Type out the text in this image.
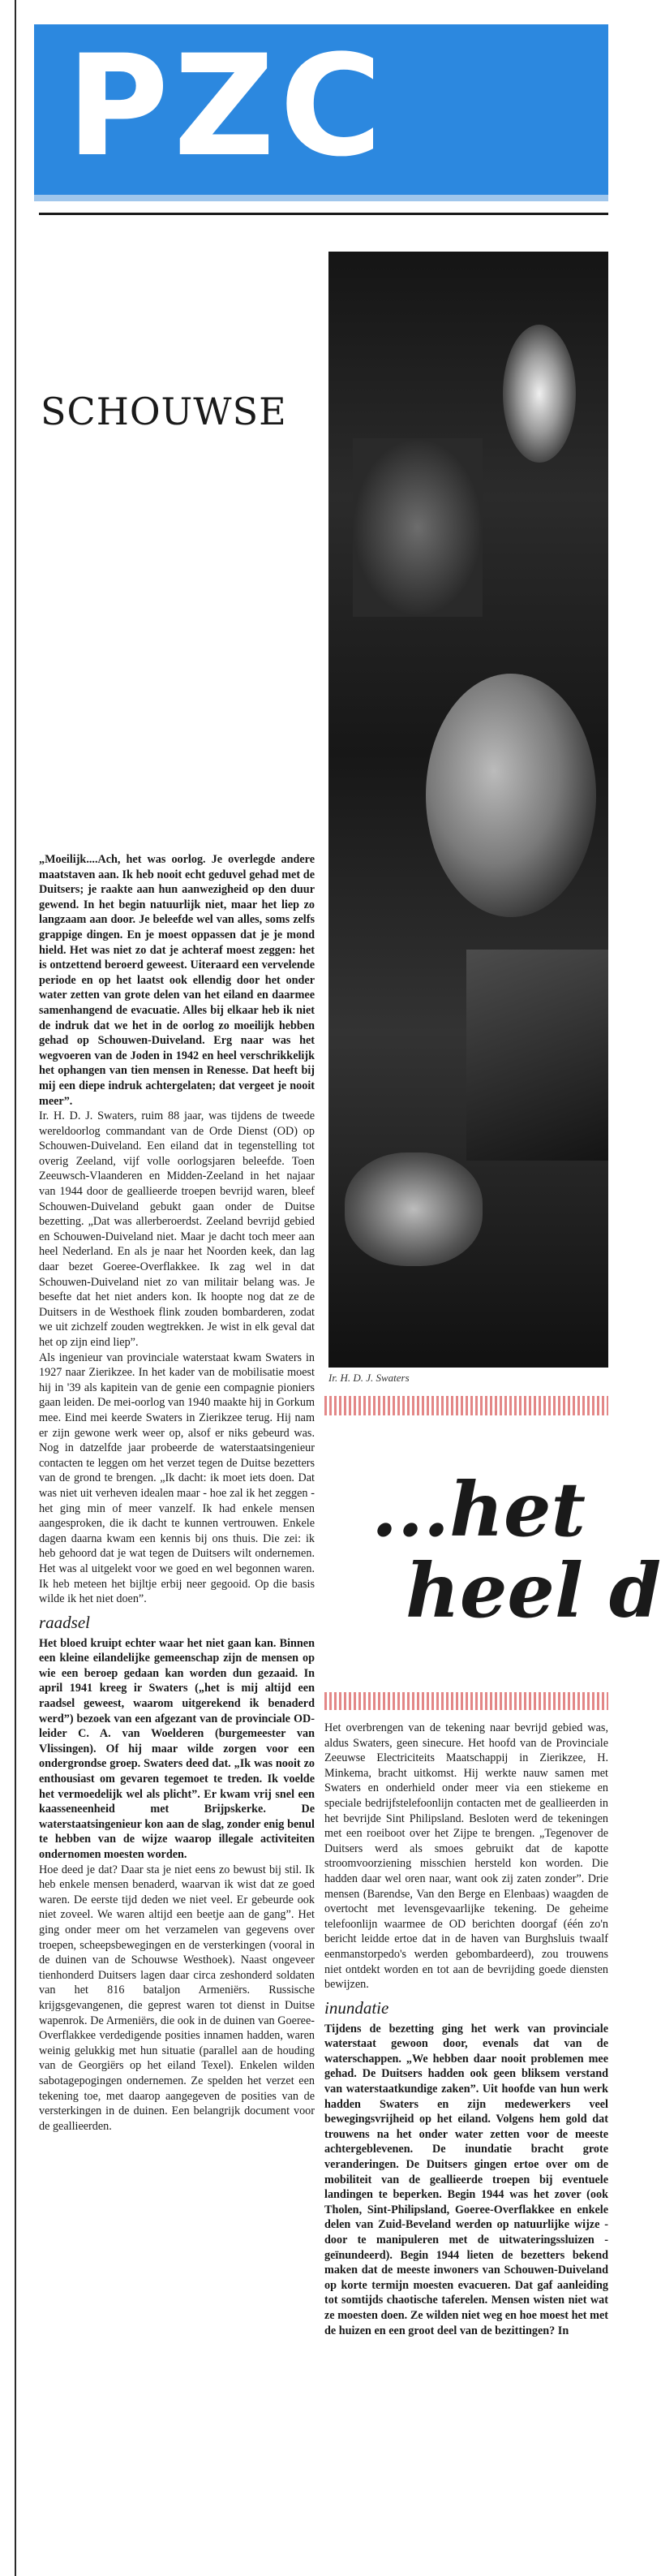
PZC
SCHOUWSE
Ir. H. D. J. Swaters
...het
heel d

„Moeilijk....Ach, het was oorlog. Je overlegde andere maatstaven aan. Ik heb nooit echt geduvel gehad met de Duitsers; je raakte aan hun aanwezigheid op den duur gewend. In het begin natuurlijk niet, maar het liep zo langzaam aan door. Je beleefde wel van alles, soms zelfs grappige dingen. En je moest oppassen dat je je mond hield. Het was niet zo dat je achteraf moest zeggen: het is ontzettend beroerd geweest. Uiteraard een vervelende periode en op het laatst ook ellendig door het onder water zetten van grote delen van het eiland en daarmee samenhangend de evacuatie. Alles bij elkaar heb ik niet de indruk dat we het in de oorlog zo moeilijk hebben gehad op Schouwen-Duiveland. Erg naar was het wegvoeren van de Joden in 1942 en heel verschrikkelijk het ophangen van tien mensen in Renesse. Dat heeft bij mij een diepe indruk achtergelaten; dat vergeet je nooit meer”.

Ir. H. D. J. Swaters, ruim 88 jaar, was tijdens de tweede wereldoorlog commandant van de Orde Dienst (OD) op Schouwen-Duiveland. Een eiland dat in tegenstelling tot overig Zeeland, vijf volle oorlogsjaren beleefde. Toen Zeeuwsch-Vlaanderen en Midden-Zeeland in het najaar van 1944 door de geallieerde troepen bevrijd waren, bleef Schouwen-Duiveland gebukt gaan onder de Duitse bezetting. „Dat was allerberoerdst. Zeeland bevrijd gebied en Schouwen-Duiveland niet. Maar je dacht toch meer aan heel Nederland. En als je naar het Noorden keek, dan lag daar bezet Goeree-Overflakkee. Ik zag wel in dat Schouwen-Duiveland niet zo van militair belang was. Je besefte dat het niet anders kon. Ik hoopte nog dat ze de Duitsers in de Westhoek flink zouden bombarderen, zodat we uit zichzelf zouden wegtrekken. Je wist in elk geval dat het op zijn eind liep”.

Als ingenieur van provinciale waterstaat kwam Swaters in 1927 naar Zierikzee. In het kader van de mobilisatie moest hij in '39 als kapitein van de genie een compagnie pioniers gaan leiden. De mei-oorlog van 1940 maakte hij in Gorkum mee. Eind mei keerde Swaters in Zierikzee terug. Hij nam er zijn gewone werk weer op, alsof er niks gebeurd was. Nog in datzelfde jaar probeerde de waterstaatsingenieur contacten te leggen om het verzet tegen de Duitse bezetters van de grond te brengen. „Ik dacht: ik moet iets doen. Dat was niet uit verheven idealen maar - hoe zal ik het zeggen - het ging min of meer vanzelf. Ik had enkele mensen aangesproken, die ik dacht te kunnen vertrouwen. Enkele dagen daarna kwam een kennis bij ons thuis. Die zei: ik heb gehoord dat je wat tegen de Duitsers wilt ondernemen. Het was al uitgelekt voor we goed en wel begonnen waren. Ik heb meteen het bijltje erbij neer gegooid. Op die basis wilde ik het niet doen”.

raadsel

Het bloed kruipt echter waar het niet gaan kan. Binnen een kleine eilandelijke gemeenschap zijn de mensen op wie een beroep gedaan kan worden dun gezaaid. In april 1941 kreeg ir Swaters („het is mij altijd een raadsel geweest, waarom uitgerekend ik benaderd werd”) bezoek van een afgezant van de provinciale OD-leider C. A. van Woelderen (burgemeester van Vlissingen). Of hij maar wilde zorgen voor een ondergrondse groep. Swaters deed dat. „Ik was nooit zo enthousiast om gevaren tegemoet te treden. Ik voelde het vermoedelijk wel als plicht”. Er kwam vrij snel een kaasseneenheid met Brijpskerke. De waterstaatsingenieur kon aan de slag, zonder enig benul te hebben van de wijze waarop illegale activiteiten ondernomen moesten worden.

Hoe deed je dat? Daar sta je niet eens zo bewust bij stil. Ik heb enkele mensen benaderd, waarvan ik wist dat ze goed waren. De eerste tijd deden we niet veel. Er gebeurde ook niet zoveel. We waren altijd een beetje aan de gang”. Het ging onder meer om het verzamelen van gegevens over troepen, scheepsbewegingen en de versterkingen (vooral in de duinen van de Schouwse Westhoek). Naast ongeveer tienhonderd Duitsers lagen daar circa zeshonderd soldaten van het 816 bataljon Armeniërs. Russische krijgsgevangenen, die geprest waren tot dienst in Duitse wapenrok. De Armeniërs, die ook in de duinen van Goeree-Overflakkee verdedigende posities innamen hadden, waren weinig gelukkig met hun situatie (parallel aan de houding van de Georgiërs op het eiland Texel). Enkelen wilden sabotagepogingen ondernemen. Ze spelden het verzet een tekening toe, met daarop aangegeven de posities van de versterkingen in de duinen. Een belangrijk document voor de geallieerden.

Het overbrengen van de tekening naar bevrijd gebied was, aldus Swaters, geen sinecure. Het hoofd van de Provinciale Zeeuwse Electriciteits Maatschappij in Zierikzee, H. Minkema, bracht uitkomst. Hij werkte nauw samen met Swaters en onderhield onder meer via een stiekeme en speciale bedrijfstelefoonlijn contacten met de geallieerden in het bevrijde Sint Philipsland. Besloten werd de tekeningen met een roeiboot over het Zijpe te brengen. „Tegenover de Duitsers werd als smoes gebruikt dat de kapotte stroomvoorziening misschien hersteld kon worden. Die hadden daar wel oren naar, want ook zij zaten zonder”. Drie mensen (Barendse, Van den Berge en Elenbaas) waagden de overtocht met levensgevaarlijke tekening. De geheime telefoonlijn waarmee de OD berichten doorgaf (één zo'n bericht leidde ertoe dat in de haven van Burghsluis twaalf eenmanstorpedo's werden gebombardeerd), zou trouwens niet ontdekt worden en tot aan de bevrijding goede diensten bewijzen.

inundatie

Tijdens de bezetting ging het werk van provinciale waterstaat gewoon door, evenals dat van de waterschappen. „We hebben daar nooit problemen mee gehad. De Duitsers hadden ook geen bliksem verstand van waterstaatkundige zaken”. Uit hoofde van hun werk hadden Swaters en zijn medewerkers veel bewegingsvrijheid op het eiland. Volgens hem gold dat trouwens na het onder water zetten voor de meeste achtergeblevenen. De inundatie bracht grote veranderingen. De Duitsers gingen ertoe over om de mobiliteit van de geallieerde troepen bij eventuele landingen te beperken. Begin 1944 was het zover (ook Tholen, Sint-Philipsland, Goeree-Overflakkee en enkele delen van Zuid-Beveland werden op natuurlijke wijze - door te manipuleren met de uitwateringssluizen - geïnundeerd). Begin 1944 lieten de bezetters bekend maken dat de meeste inwoners van Schouwen-Duiveland op korte termijn moesten evacueren. Dat gaf aanleiding tot somtijds chaotische taferelen. Mensen wisten niet wat ze moesten doen. Ze wilden niet weg en hoe moest het met de huizen en een groot deel van de bezittingen? In
